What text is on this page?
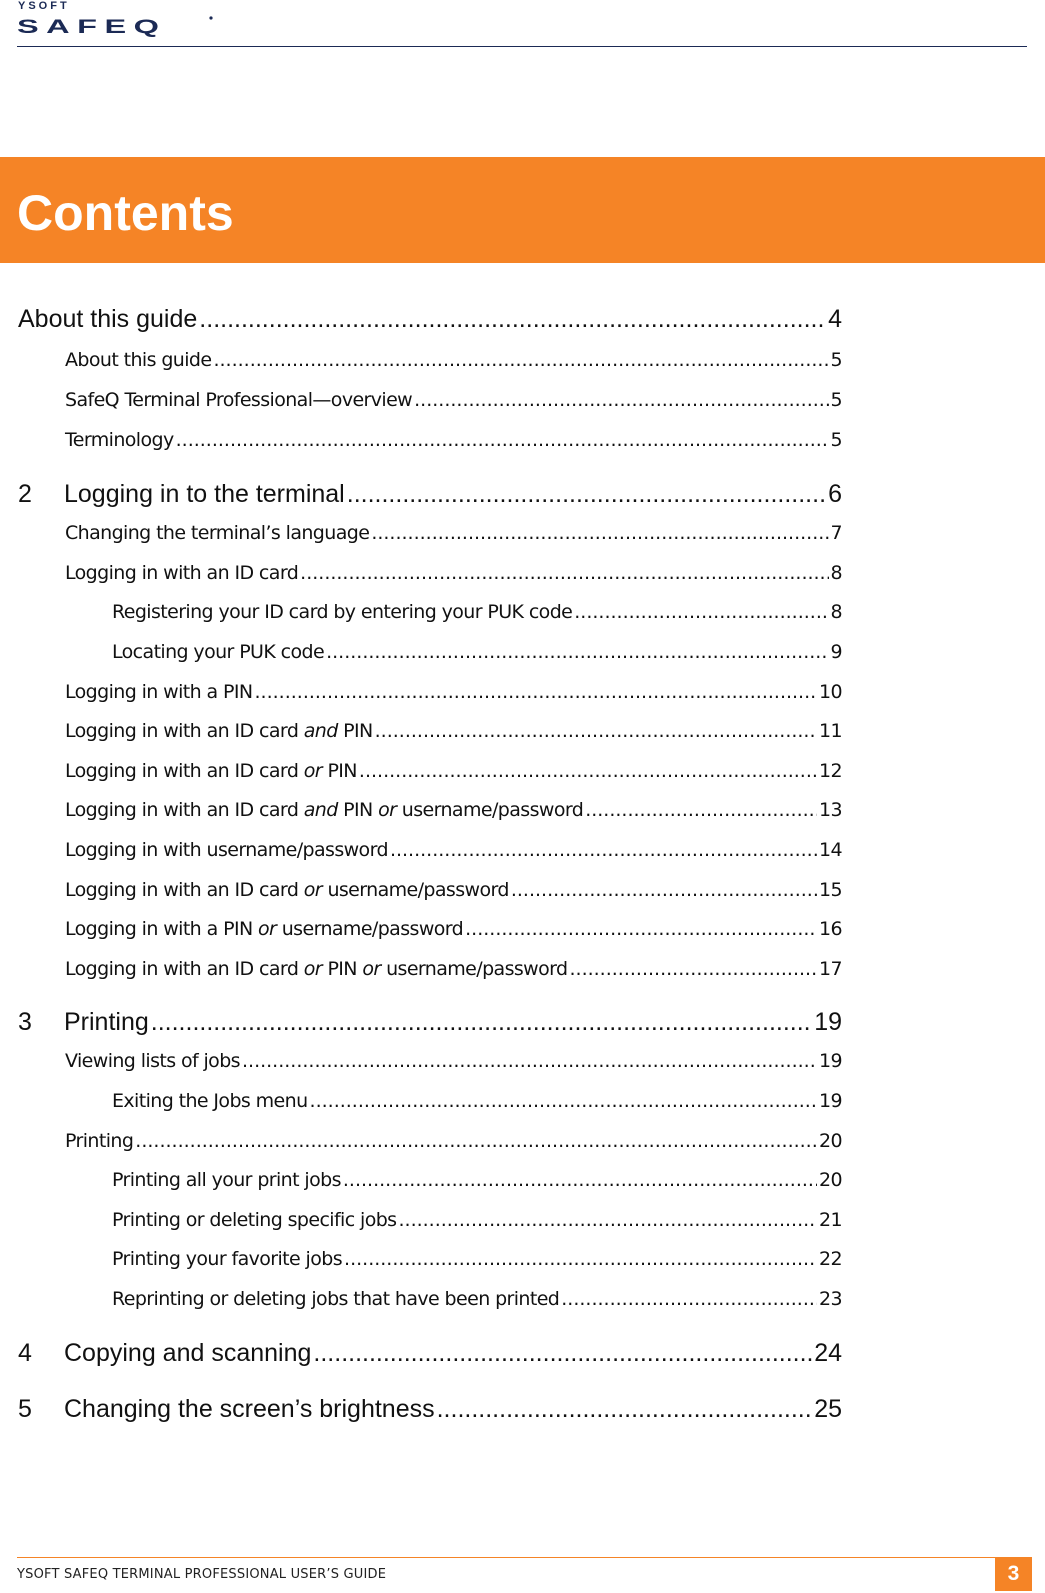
YSOFT
SAFEQ
Contents
About this guide .....	4
About this guide .....	5
SafeQ Terminal Professional—overview .....	5
Terminology .....	5
2	Logging in to the terminal .....	6
Changing the terminal’s language .....	7
Logging in with an ID card .....	8
Registering your ID card by entering your PUK code .....	8
Locating your PUK code .....	9
Logging in with a PIN .....	10
Logging in with an ID card and PIN .....	11
Logging in with an ID card or PIN .....	12
Logging in with an ID card and PIN or username/password .....	13
Logging in with username/password .....	14
Logging in with an ID card or username/password .....	15
Logging in with a PIN or username/password .....	16
Logging in with an ID card or PIN or username/password .....	17
3	Printing .....	19
Viewing lists of jobs .....	19
Exiting the Jobs menu .....	19
Printing .....	20
Printing all your print jobs .....	20
Printing or deleting specific jobs .....	21
Printing your favorite jobs .....	22
Reprinting or deleting jobs that have been printed .....	23
4	Copying and scanning .....	24
5	Changing the screen’s brightness .....	25
YSOFT SAFEQ TERMINAL PROFESSIONAL USER’S GUIDE	3
